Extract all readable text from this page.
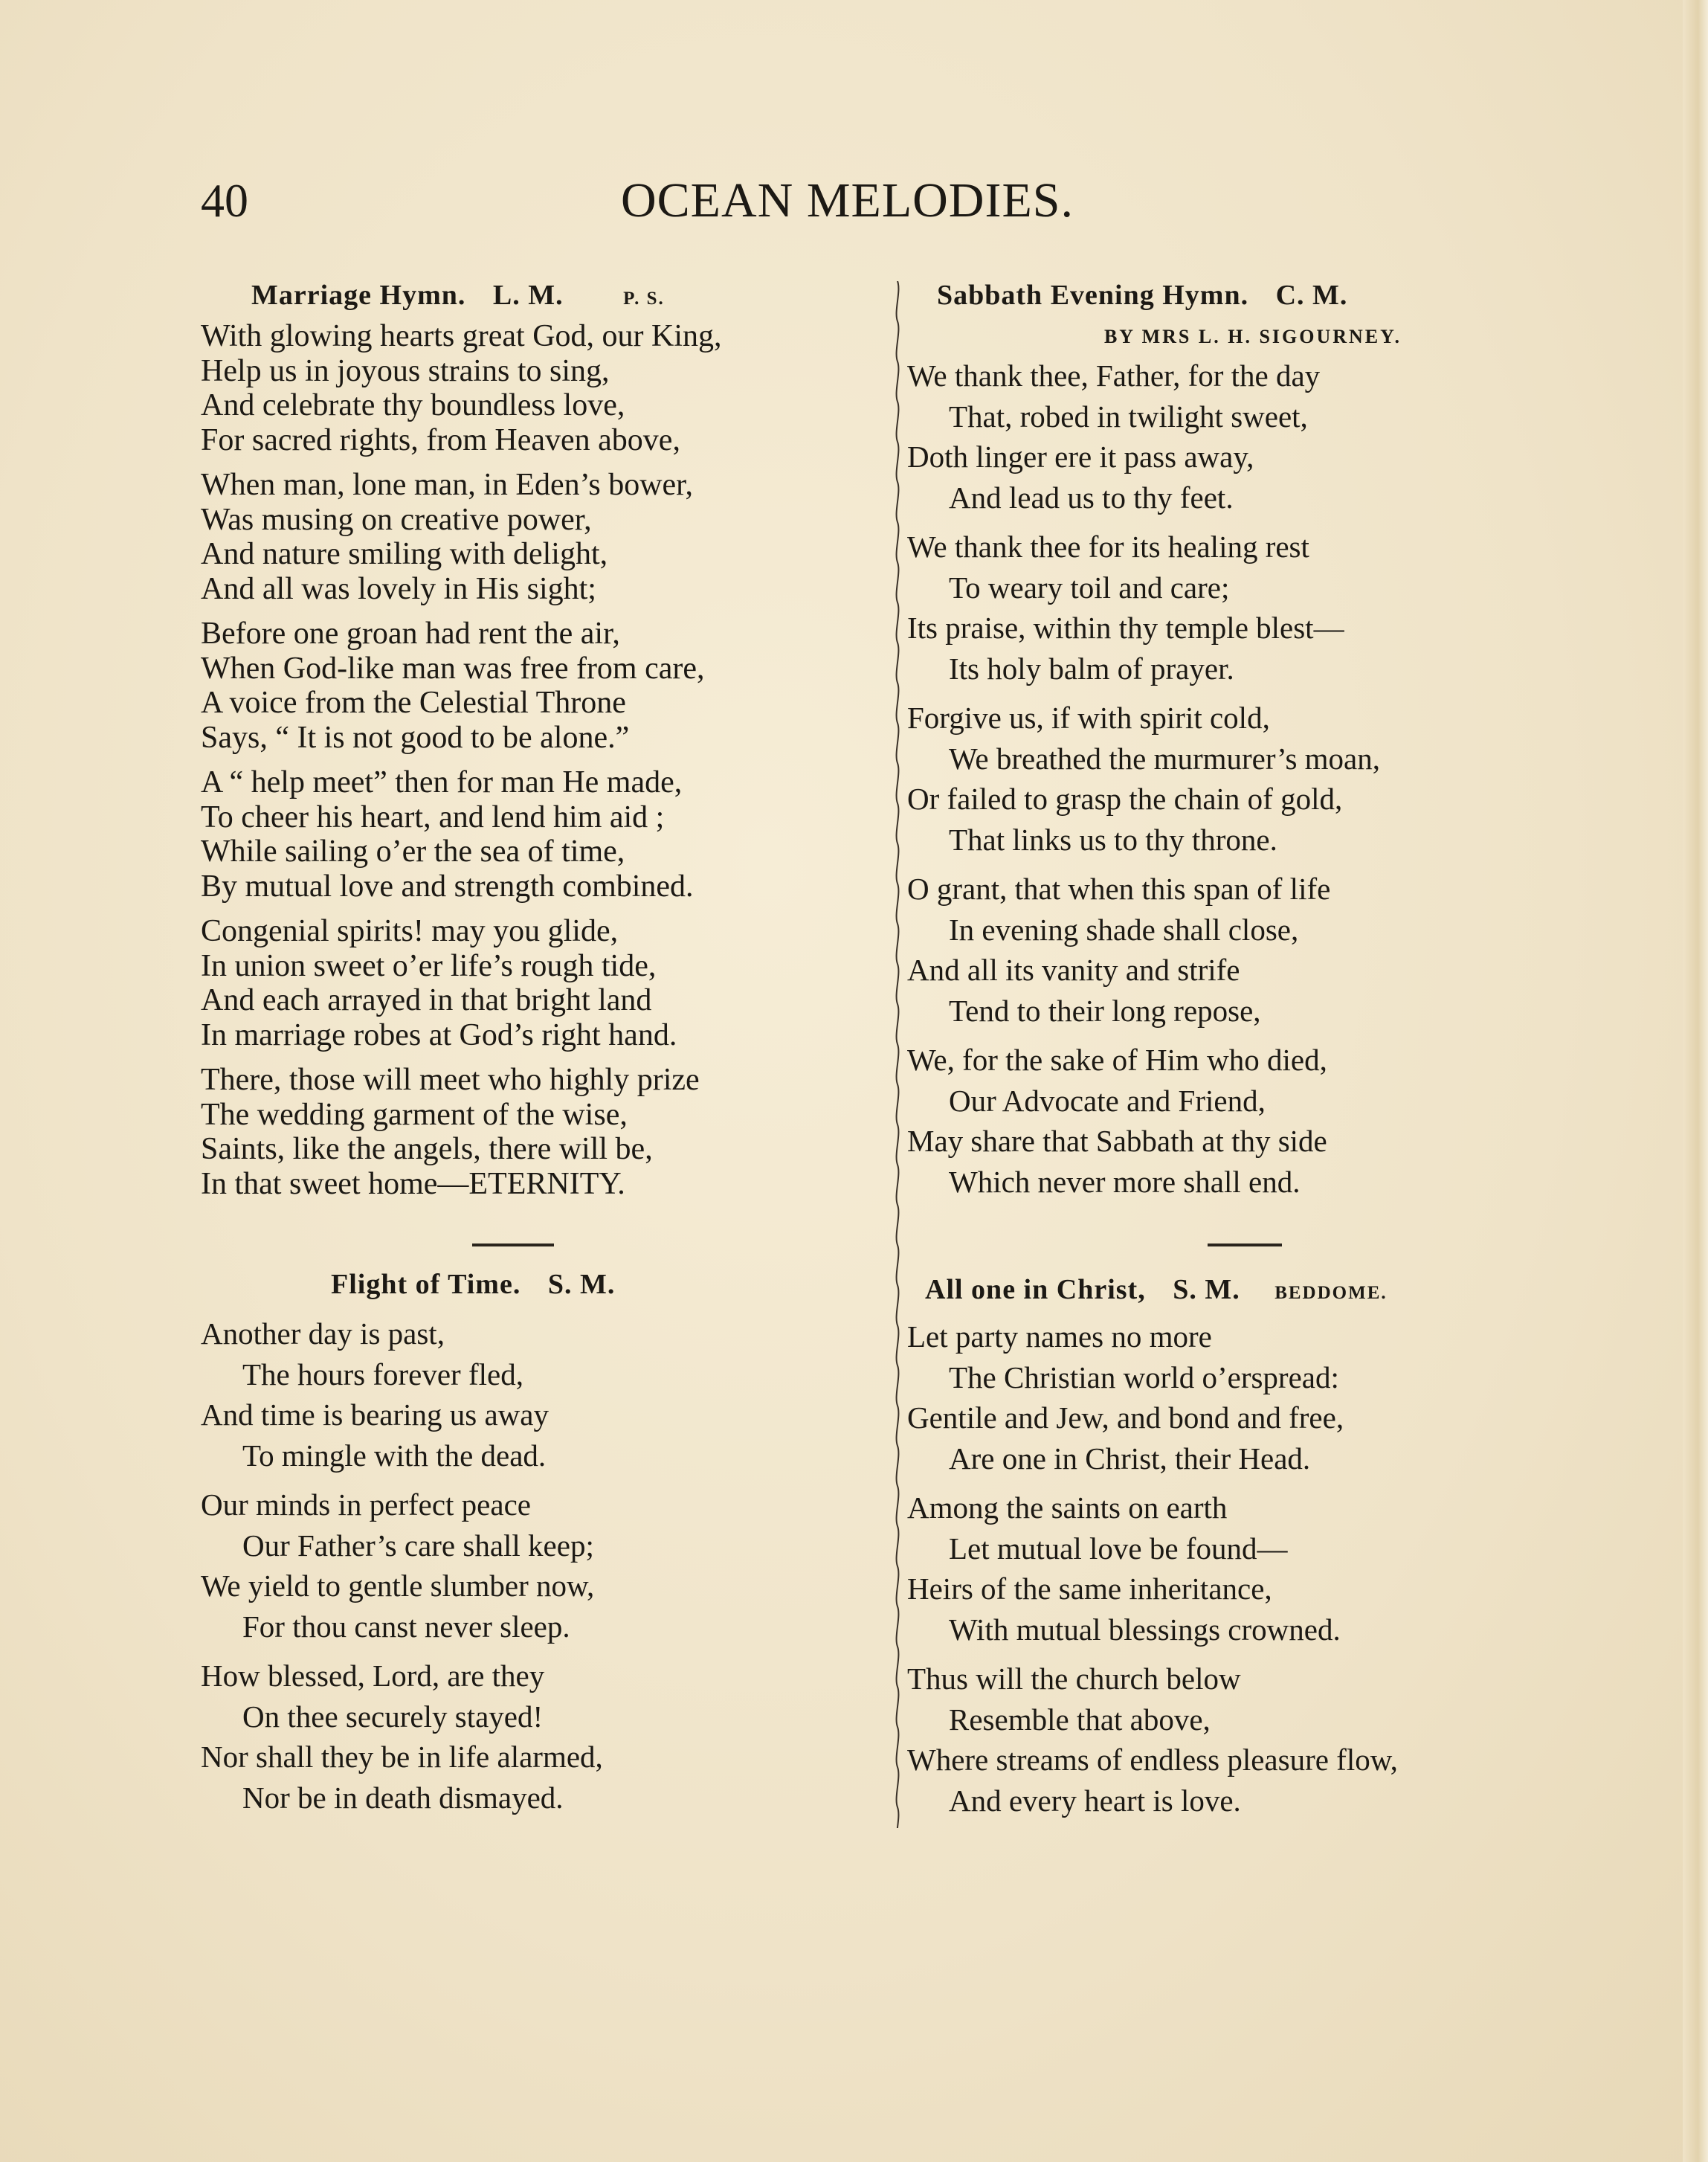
40	OCEAN MELODIES.
Marriage Hymn. L. M.	P. S.
With glowing hearts great God, our King,
Help us in joyous strains to sing,
And celebrate thy boundless love,
For sacred rights, from Heaven above,
When man, lone man, in Eden’s bower,
Was musing on creative power,
And nature smiling with delight,
And all was lovely in His sight;
Before one groan had rent the air,
When God-like man was free from care,
A voice from the Celestial Throne
Says, “ It is not good to be alone.”
A “ help meet” then for man He made,
To cheer his heart, and lend him aid ;
While sailing o’er the sea of time,
By mutual love and strength combined.
Congenial spirits! may you glide,
In union sweet o’er life’s rough tide,
And each arrayed in that bright land
In marriage robes at God’s right hand.
There, those will meet who highly prize
The wedding garment of the wise,
Saints, like the angels, there will be,
In that sweet home—ETERNITY.
Flight of Time. S. M.
Another day is past,
The hours forever fled,
And time is bearing us away
To mingle with the dead.
Our minds in perfect peace
Our Father’s care shall keep;
We yield to gentle slumber now,
For thou canst never sleep.
How blessed, Lord, are they
On thee securely stayed!
Nor shall they be in life alarmed,
Nor be in death dismayed.
Sabbath Evening Hymn. C. M.
BY MRS L. H. SIGOURNEY.
We thank thee, Father, for the day
That, robed in twilight sweet,
Doth linger ere it pass away,
And lead us to thy feet.
We thank thee for its healing rest
To weary toil and care;
Its praise, within thy temple blest—
Its holy balm of prayer.
Forgive us, if with spirit cold,
We breathed the murmurer’s moan,
Or failed to grasp the chain of gold,
That links us to thy throne.
O grant, that when this span of life
In evening shade shall close,
And all its vanity and strife
Tend to their long repose,
We, for the sake of Him who died,
Our Advocate and Friend,
May share that Sabbath at thy side
Which never more shall end.
All one in Christ, S. M. BEDDOME.
Let party names no more
The Christian world o’erspread:
Gentile and Jew, and bond and free,
Are one in Christ, their Head.
Among the saints on earth
Let mutual love be found—
Heirs of the same inheritance,
With mutual blessings crowned.
Thus will the church below
Resemble that above,
Where streams of endless pleasure flow,
And every heart is love.
